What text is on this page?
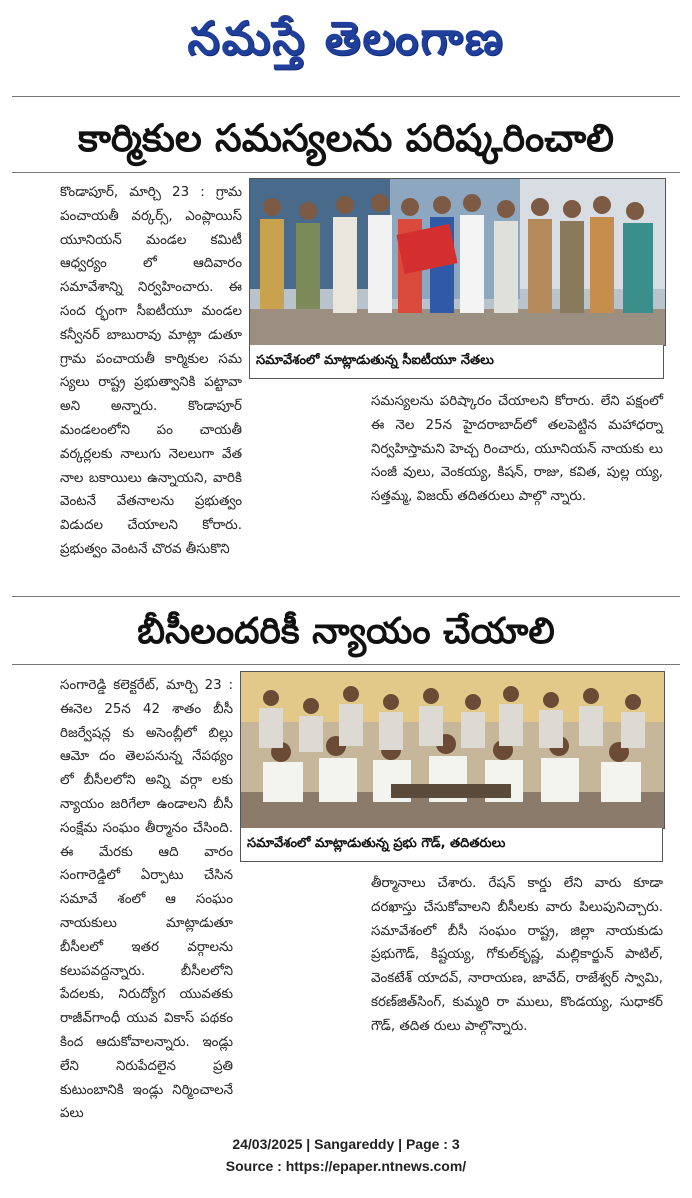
నమస్తే తెలంగాణ
కార్మికుల సమస్యలను పరిష్కరించాలి
సమావేశంలో మాట్లాడుతున్న సీఐటీయూ నేతలు

కొండాపూర్, మార్చి 23 : గ్రామ పంచాయతీ వర్కర్స్, ఎంప్లాయిస్ యూనియన్ మండల కమిటీ ఆధ్వర్యం లో ఆదివారం సమావేశాన్ని నిర్వహించారు. ఈ సంద ర్భంగా సీఐటీయూ మండల కన్వీనర్ బాబురావు మాట్లా డుతూ గ్రామ పంచాయతీ కార్మికుల సమ స్యలు రాష్ట్ర ప్రభుత్వానికి పట్టావా అని అన్నారు. కొండాపూర్ మండలంలోని పం చాయతీ వర్కర్లలకు నాలుగు నెలలుగా వేత నాల బకాయిలు ఉన్నాయని, వారికి వెంటనే వేతనాలను ప్రభుత్వం విడుదల చేయాలని కోరారు. ప్రభుత్వం వెంటనే చొరవ తీసుకొని

సమస్యలను పరిష్కారం చేయాలని కోరారు. లేని పక్షంలో ఈ నెల 25న హైదరాబాద్‌లో తలపెట్టిన మహాధర్నా నిర్వహిస్తామని హెచ్చ రించారు, యూనియన్ నాయకు లు సంజీ వులు, వెంకయ్య, కిషన్, రాజు, కవిత, పుల్ల య్య, సత్తమ్మ, విజయ్ తదితరులు పాల్గొ న్నారు.

బీసీలందరికీ న్యాయం చేయాలి
సమావేశంలో మాట్లాడుతున్న ప్రభు గౌడ్, తదితరులు

సంగారెడ్డి కలెక్టరేట్, మార్చి 23 : ఈనెల 25న 42 శాతం బీసీ రిజర్వేషన్ల కు అసెంబ్లీలో బిల్లు ఆమో దం తెలపనున్న నేపథ్యం లో బీసీలలోని అన్ని వర్గా లకు న్యాయం జరిగేలా ఉండాలని బీసీ సంక్షేమ సంఘం తీర్మానం చేసింది. ఈ మేరకు ఆది వారం సంగారెడ్డిలో ఏర్పాటు చేసిన సమావే శంలో ఆ సంఘం నాయకులు మాట్లాడుతూ బీసీలలో ఇతర వర్గాలను కలుపవద్దన్నారు. బీసీలలోని పేదలకు, నిరుద్యోగ యువతకు రాజీవ్‌గాంధీ యువ వికాస్ పథకం కింద ఆదుకోవాలన్నారు. ఇండ్లు లేని నిరుపేదలైన ప్రతి కుటుంబానికి ఇండ్లు నిర్మించాలనే పలు

తీర్మానాలు చేశారు. రేషన్ కార్డు లేని వారు కూడా దరఖాస్తు చేసుకోవాలని బీసీలకు వారు పిలుపునిచ్చారు. సమావేశంలో బీసీ సంఘం రాష్ట్ర, జిల్లా నాయకుడు ప్రభుగౌడ్, కిష్టయ్య, గోకుల్‌కృష్ణ, మల్లికార్జున్ పాటిల్, వెంకటేశ్ యాదవ్, నారాయణ, జావేద్, రాజేశ్వర్ స్వామి, కరణ్‌జిత్‌సింగ్, కుమ్మరి రా ములు, కొండయ్య, సుధాకర్ గౌడ్, తదిత రులు పాల్గొన్నారు.

24/03/2025 | Sangareddy | Page : 3
Source : https://epaper.ntnews.com/
